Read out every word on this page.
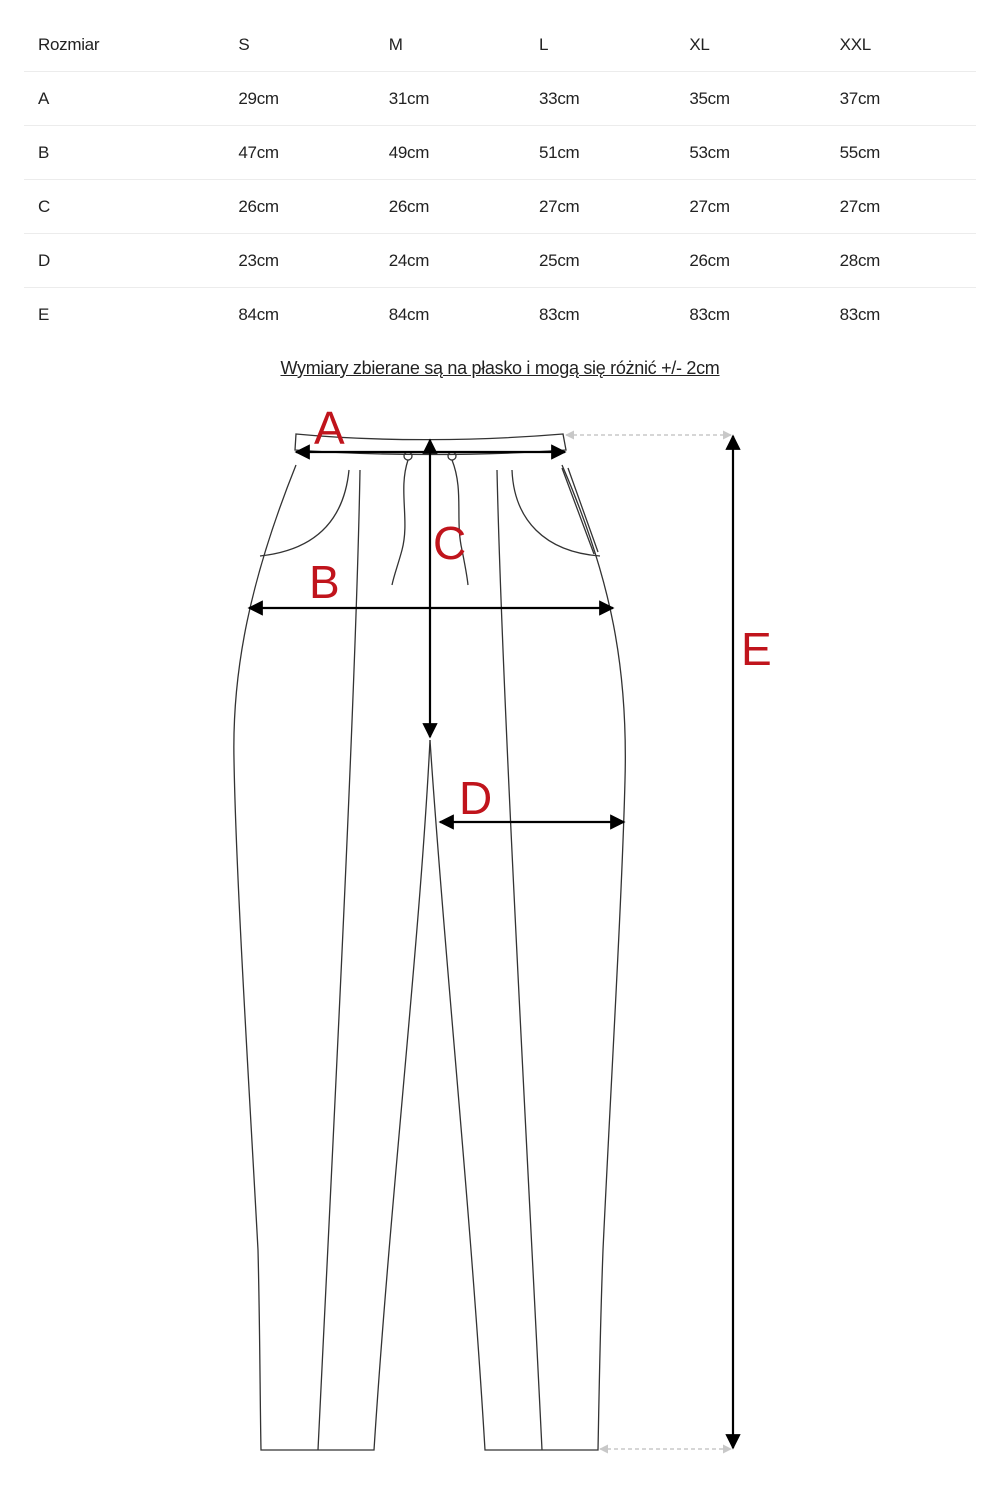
Rozmiar	S	M	L	XL	XXL
A	29cm	31cm	33cm	35cm	37cm
B	47cm	49cm	51cm	53cm	55cm
C	26cm	26cm	27cm	27cm	27cm
D	23cm	24cm	25cm	26cm	28cm
E	84cm	84cm	83cm	83cm	83cm
Wymiary zbierane są na płasko i mogą się różnić +/- 2cm
A
B
C
D
E
